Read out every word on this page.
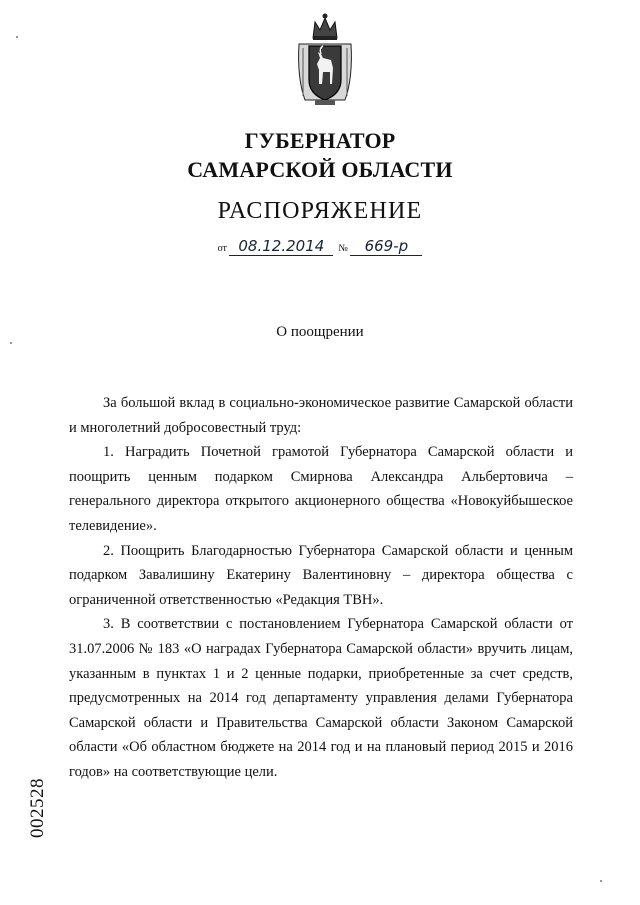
ГУБЕРНАТОР
САМАРСКОЙ ОБЛАСТИ
РАСПОРЯЖЕНИЕ
от 08.12.2014 № 669-р
О поощрении

За большой вклад в социально-экономическое развитие Самарской области и многолетний добросовестный труд:

1. Наградить Почетной грамотой Губернатора Самарской области и поощрить ценным подарком Смирнова Александра Альбертовича – генерального директора открытого акционерного общества «Новокуйбышеское телевидение».

2. Поощрить Благодарностью Губернатора Самарской области и ценным подарком Завалишину Екатерину Валентиновну – директора общества с ограниченной ответственностью «Редакция ТВН».

3. В соответствии с постановлением Губернатора Самарской области от 31.07.2006 № 183 «О наградах Губернатора Самарской области» вручить лицам, указанным в пунктах 1 и 2 ценные подарки, приобретенные за счет средств, предусмотренных на 2014 год департаменту управления делами Губернатора Самарской области и Правительства Самарской области Законом Самарской области «Об областном бюджете на 2014 год и на плановый период 2015 и 2016 годов» на соответствующие цели.

002528
